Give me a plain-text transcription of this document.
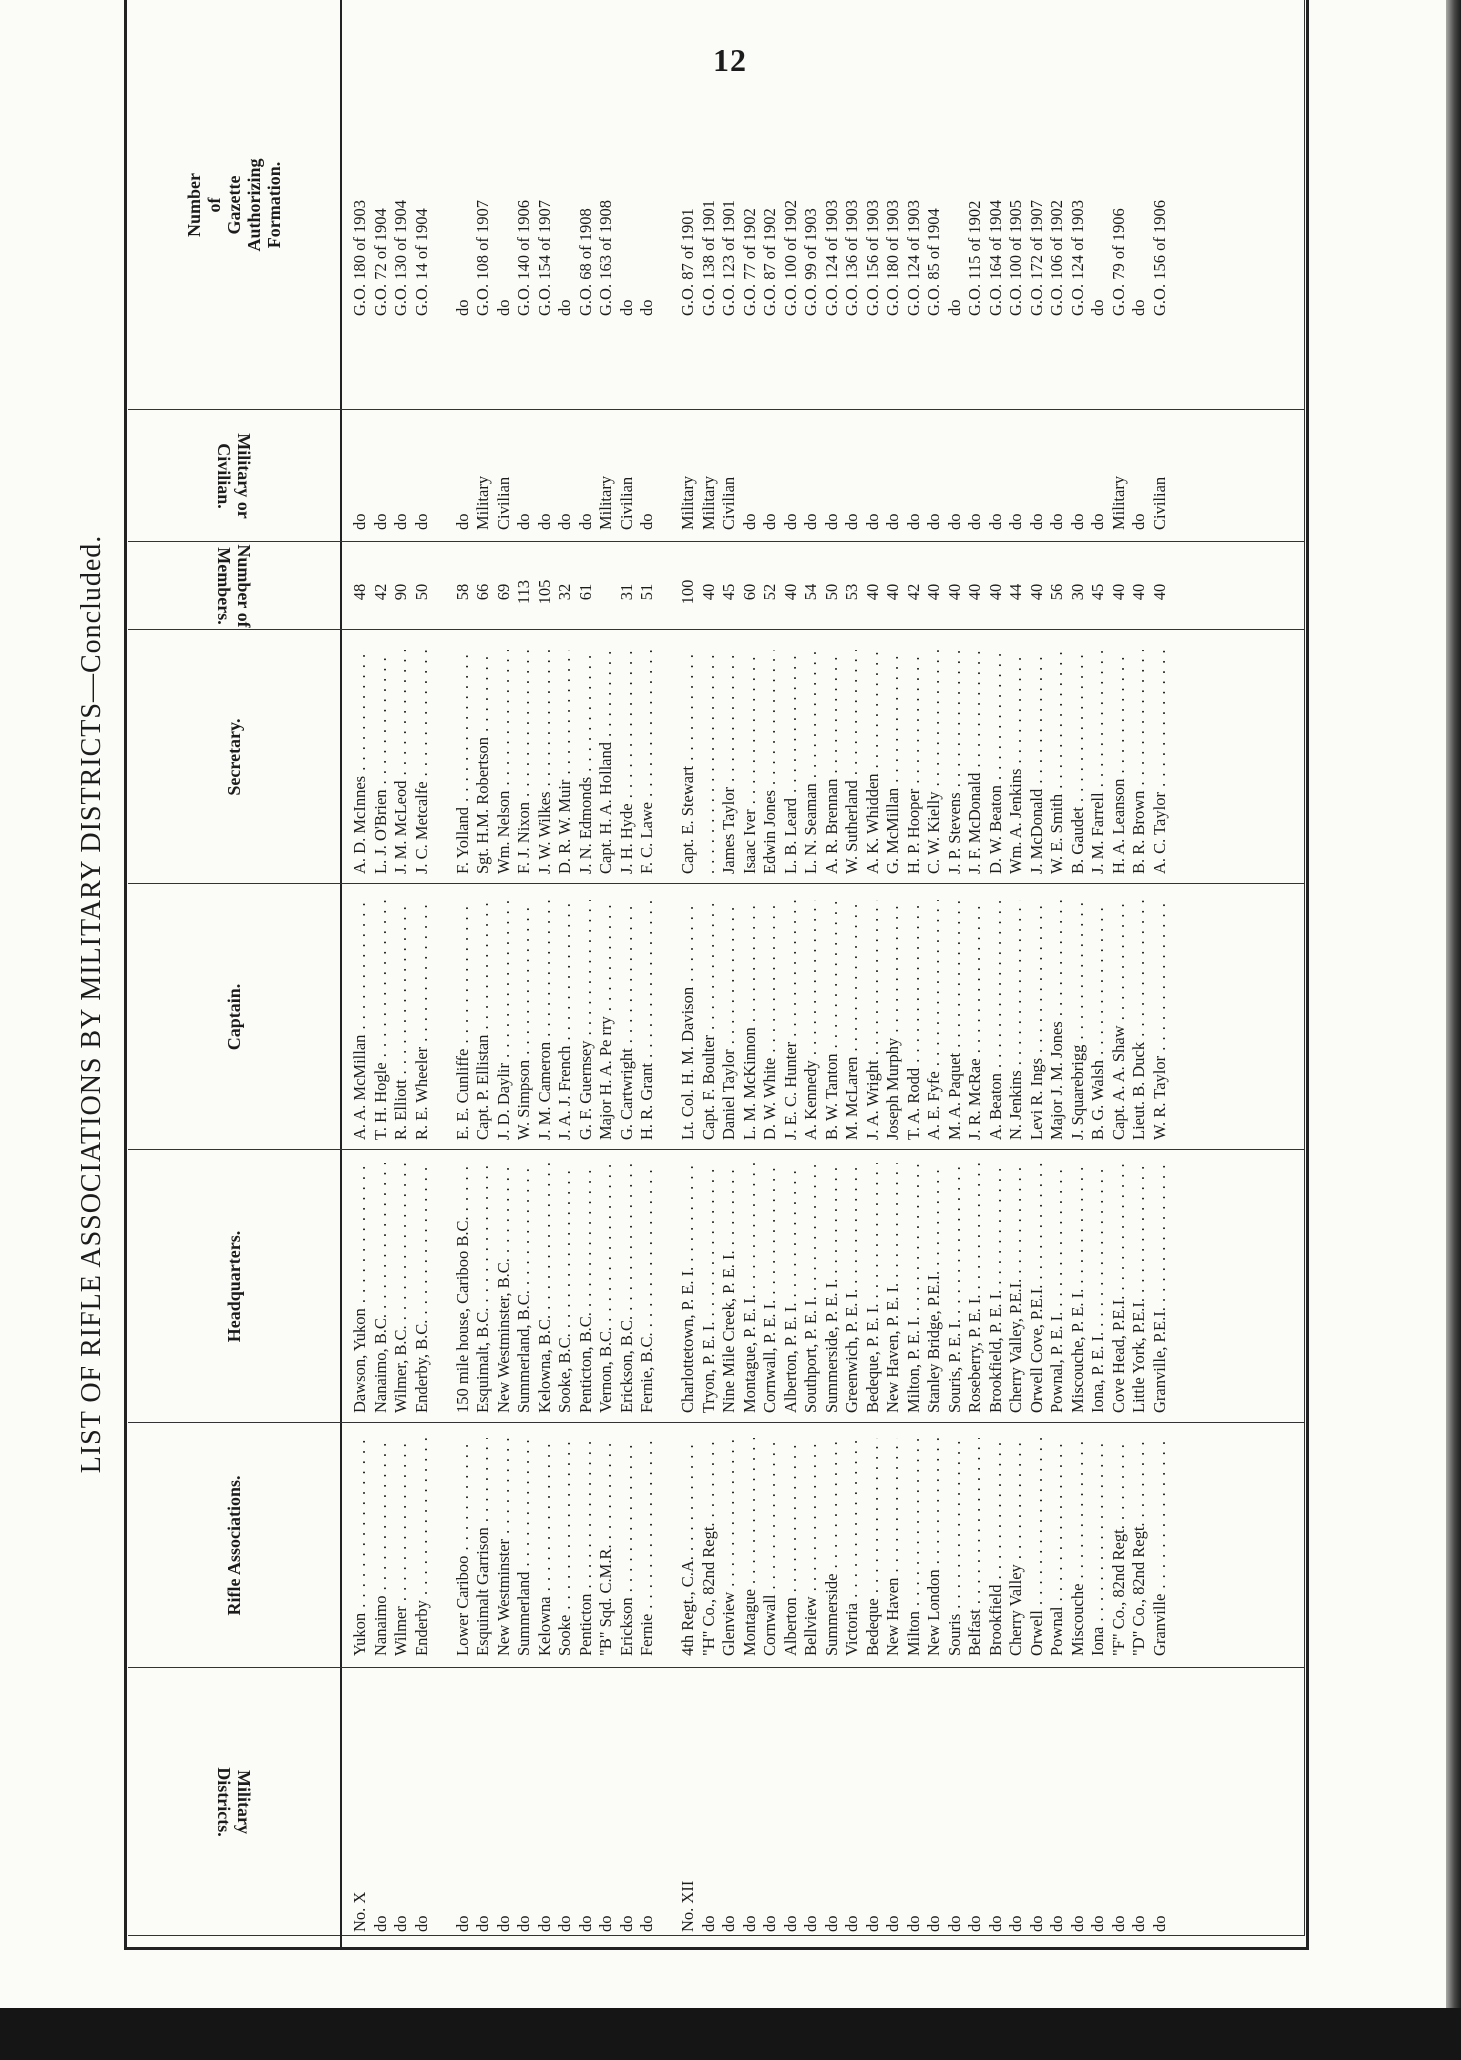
12
LIST OF RIFLE ASSOCIATIONS BY MILITARY DISTRICTS—Concluded.
Military
Districts.
Rifle Associations.
Headquarters.
Captain.
Secretary.
Number of
Members.
Military or
Civilian.
Number of Gazette Authorizing Formation.
No. X
Yukon . . .
Dawson, Yukon . . .
A. A. McMillan . . .
A. D. McInnes . . .
48
do
G.O. 180 of 1903
do
Nanaimo . . .
Nanaimo, B.C. . . .
T. H. Hogle . . .
L. J. O'Brien . . .
42
do
G.O. 72 of 1904
do
Wilmer . . .
Wilmer, B.C. . . .
R. Elliott . . .
J. M. McLeod . . .
90
do
G.O. 130 of 1904
do
Enderby . . .
Enderby, B.C. . . .
R. E. Wheeler . . .
J. C. Metcalfe . . .
50
do
G.O. 14 of 1904
do
Lower Cariboo . . .
150 mile house, Cariboo B.C. . . .
E. E. Cunliffe . . .
F. Yolland . . .
58
do
do
do
Esquimalt Garrison . . .
Esquimalt, B.C. . . .
Capt. P. Ellistan . . .
Sgt. H.M. Robertson . . .
66
Military
G.O. 108 of 1907
do
New Westminster . . .
New Westminster, B.C. . . .
J. D. Daylir . . .
Wm. Nelson . . .
69
Civilian
do
do
Summerland . . .
Summerland, B.C. . . .
W. Simpson . . .
F. J. Nixon . . .
113
do
G.O. 140 of 1906
do
Kelowna . . .
Kelowna, B.C. . . .
J. M. Cameron . . .
J. W. Wilkes . . .
105
do
G.O. 154 of 1907
do
Sooke . . .
Sooke, B.C. . . .
J. A. J. French . . .
D. R. W. Muir . . .
32
do
do
do
Penticton . . .
Penticton, B.C. . . .
G. F. Guernsey . . .
J. N. Edmonds . . .
61
do
G.O. 68 of 1908
do
"B" Sqd. C.M.R. . . .
Vernon, B.C. . . .
Major H. A. Pe rry . . .
Capt. H. A. Holland . . .
Military
G.O. 163 of 1908
do
Erickson . . .
Erickson, B.C. . . .
G. Cartwright . . .
J. H. Hyde . . .
31
Civilian
do
do
Fernie . . .
Fernie, B.C. . . .
H. R. Grant . . .
F. C. Lawe . . .
51
do
do
No. XII
4th Regt., C.A. . . .
Charlottetown, P. E. I. . . .
Lt. Col. H. M. Davison . . .
Capt. E. Stewart . . .
100
Military
G.O. 87 of 1901
do
"H" Co., 82nd Regt. . . .
Tryon, P. E. I. . . .
Capt. F. Boulter . . .
. . .
40
Military
G.O. 138 of 1901
do
Glenview . . .
Nine Mile Creek, P. E. I. . . .
Daniel Taylor . . .
James Taylor . . .
45
Civilian
G.O. 123 of 1901
do
Montague . . .
Montague, P. E. I. . . .
L. M. McKinnon . . .
Isaac Iver . . .
60
do
G.O. 77 of 1902
do
Cornwall . . .
Cornwall, P. E. I. . . .
D. W. White . . .
Edwin Jones . . .
52
do
G.O. 87 of 1902
do
Alberton . . .
Alberton, P. E. I. . . .
J. E. C. Hunter . . .
L. B. Leard . . .
40
do
G.O. 100 of 1902
do
Bellview . . .
Southport, P. E. I. . . .
A. Kennedy . . .
L. N. Seaman . . .
54
do
G.O. 99 of 1903
do
Summerside . . .
Summerside, P. E. I. . . .
B. W. Tanton . . .
A. R. Brennan . . .
50
do
G.O. 124 of 1903
do
Victoria . . .
Greenwich, P. E. I. . . .
M. McLaren . . .
W. Sutherland . . .
53
do
G.O. 136 of 1903
do
Bedeque . . .
Bedeque, P. E. I. . . .
J. A. Wright . . .
A. K. Whidden . . .
40
do
G.O. 156 of 1903
do
New Haven . . .
New Haven, P. E. I. . . .
Joseph Murphy . . .
G. McMillan . . .
40
do
G.O. 180 of 1903
do
Milton . . .
Milton, P. E. I. . . .
T. A. Rodd . . .
H. P. Hooper . . .
42
do
G.O. 124 of 1903
do
New London . . .
Stanley Bridge, P.E.I. . . .
A. E. Fyfe . . .
C. W. Kielly . . .
40
do
G.O. 85 of 1904
do
Souris . . .
Souris, P. E. I. . . .
M. A. Paquet . . .
J. P. Stevens . . .
40
do
do
do
Belfast . . .
Roseberry, P. E. I. . . .
J. R. McRae . . .
J. F. McDonald . . .
40
do
G.O. 115 of 1902
do
Brookfield . . .
Brookfield, P. E. I. . . .
A. Beaton . . .
D. W. Beaton . . .
40
do
G.O. 164 of 1904
do
Cherry Valley . . .
Cherry Valley, P.E.I. . . .
N. Jenkins . . .
Wm. A. Jenkins . . .
44
do
G.O. 100 of 1905
do
Orwell . . .
Orwell Cove, P.E.I. . . .
Levi R. Ings . . .
J. McDonald . . .
40
do
G.O. 172 of 1907
do
Pownal . . .
Pownal, P. E. I. . . .
Major J. M. Jones . . .
W. E. Smith . . .
56
do
G.O. 106 of 1902
do
Miscouche . . .
Miscouche, P. E. I. . . .
J. Squarebrigg . . .
B. Gaudet . . .
30
do
G.O. 124 of 1903
do
Iona . . .
Iona, P. E. I. . . .
B. G. Walsh . . .
J. M. Farrell . . .
45
do
do
do
"F" Co., 82nd Regt. . . .
Cove Head, P.E.I. . . .
Capt. A. A. Shaw . . .
H. A. Leanson . . .
40
Military
G.O. 79 of 1906
do
"D" Co., 82nd Regt. . . .
Little York, P.E.I. . . .
Lieut. B. Duck . . .
B. R. Brown . . .
40
do
do
do
Granville . . .
Granville, P.E.I. . . .
W. R. Taylor . . .
A. C. Taylor . . .
40
Civilian
G.O. 156 of 1906
